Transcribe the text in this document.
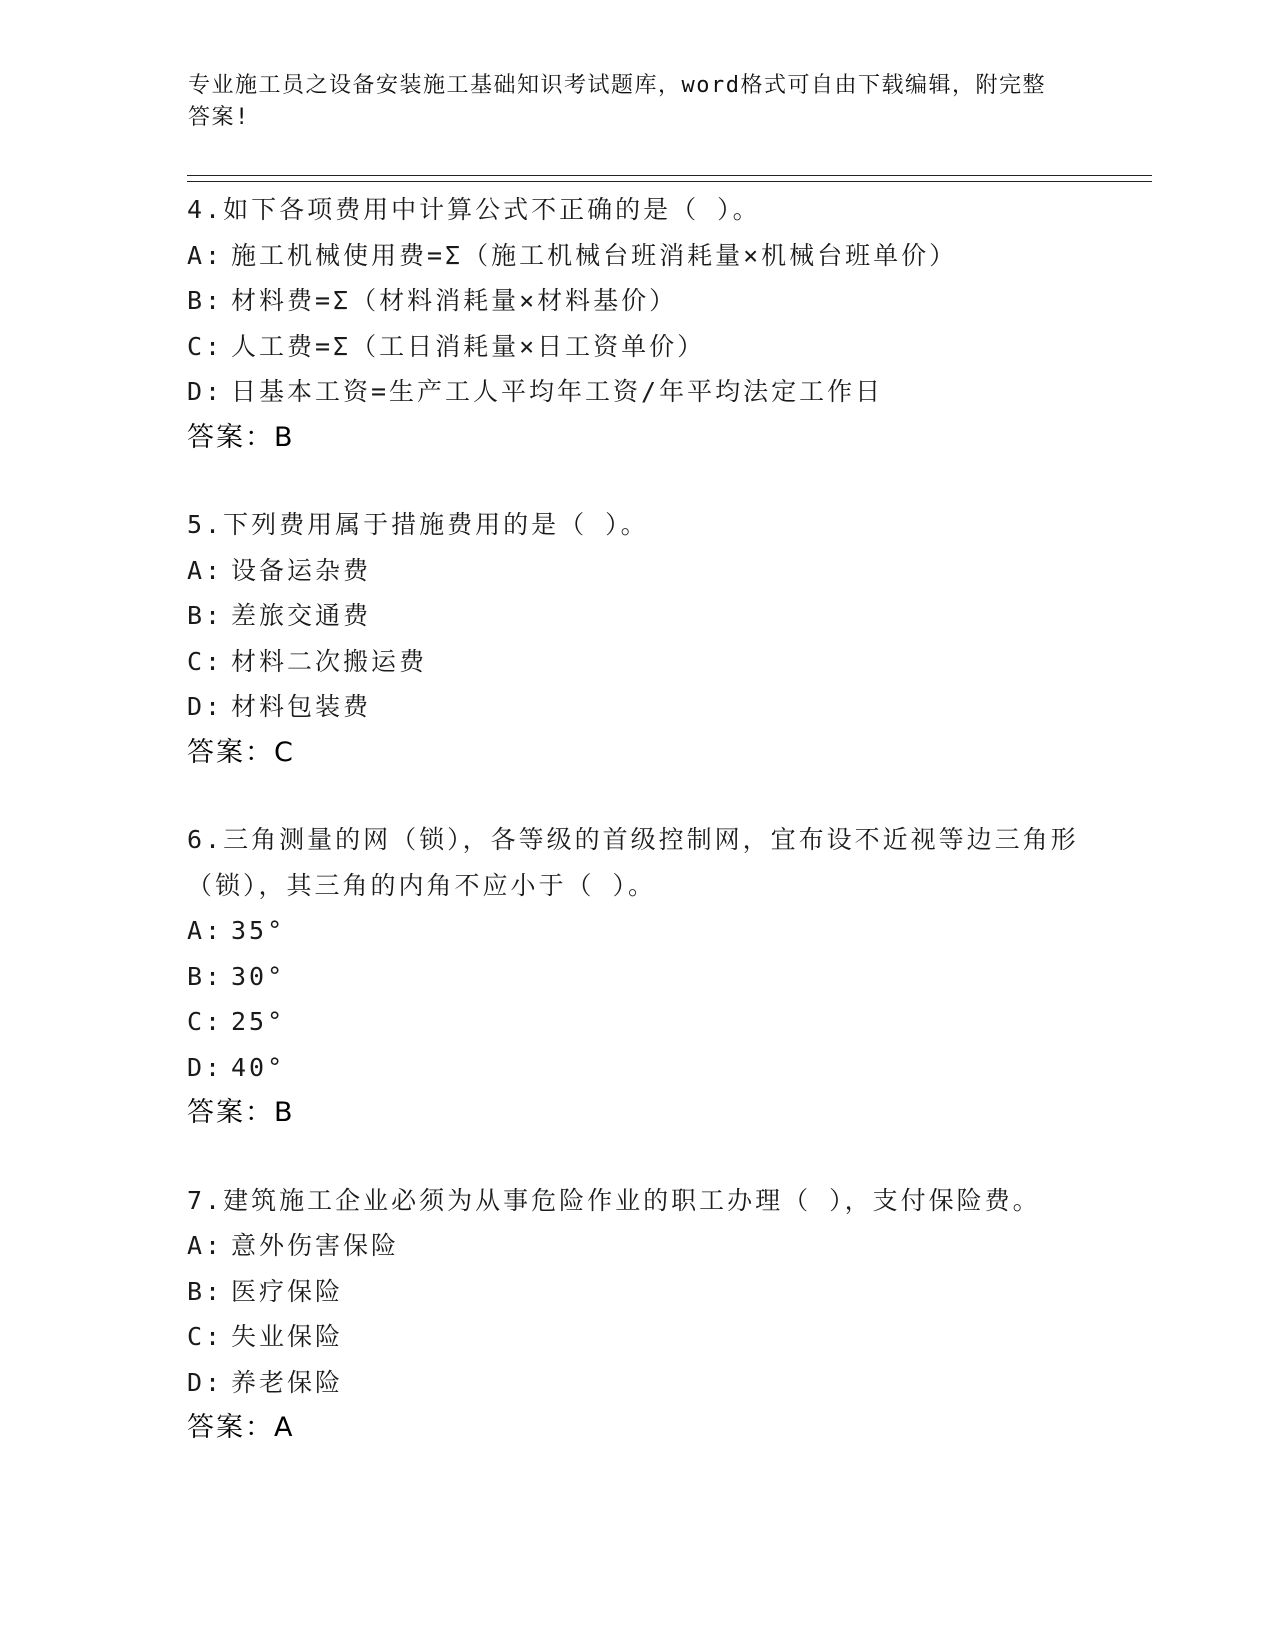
专业施工员之设备安装施工基础知识考试题库，word格式可自由下载编辑，附完整答案!
4.如下各项费用中计算公式不正确的是（ ）。
A: 施工机械使用费=Σ（施工机械台班消耗量×机械台班单价）
B: 材料费=Σ（材料消耗量×材料基价）
C: 人工费=Σ（工日消耗量×日工资单价）
D: 日基本工资=生产工人平均年工资/年平均法定工作日
答案：B
5.下列费用属于措施费用的是（ ）。
A: 设备运杂费
B: 差旅交通费
C: 材料二次搬运费
D: 材料包装费
答案：C
6.三角测量的网（锁），各等级的首级控制网，宜布设不近视等边三角形（锁），其三角的内角不应小于（ ）。
A: 35°
B: 30°
C: 25°
D: 40°
答案：B
7.建筑施工企业必须为从事危险作业的职工办理（ ），支付保险费。
A: 意外伤害保险
B: 医疗保险
C: 失业保险
D: 养老保险
答案：A
